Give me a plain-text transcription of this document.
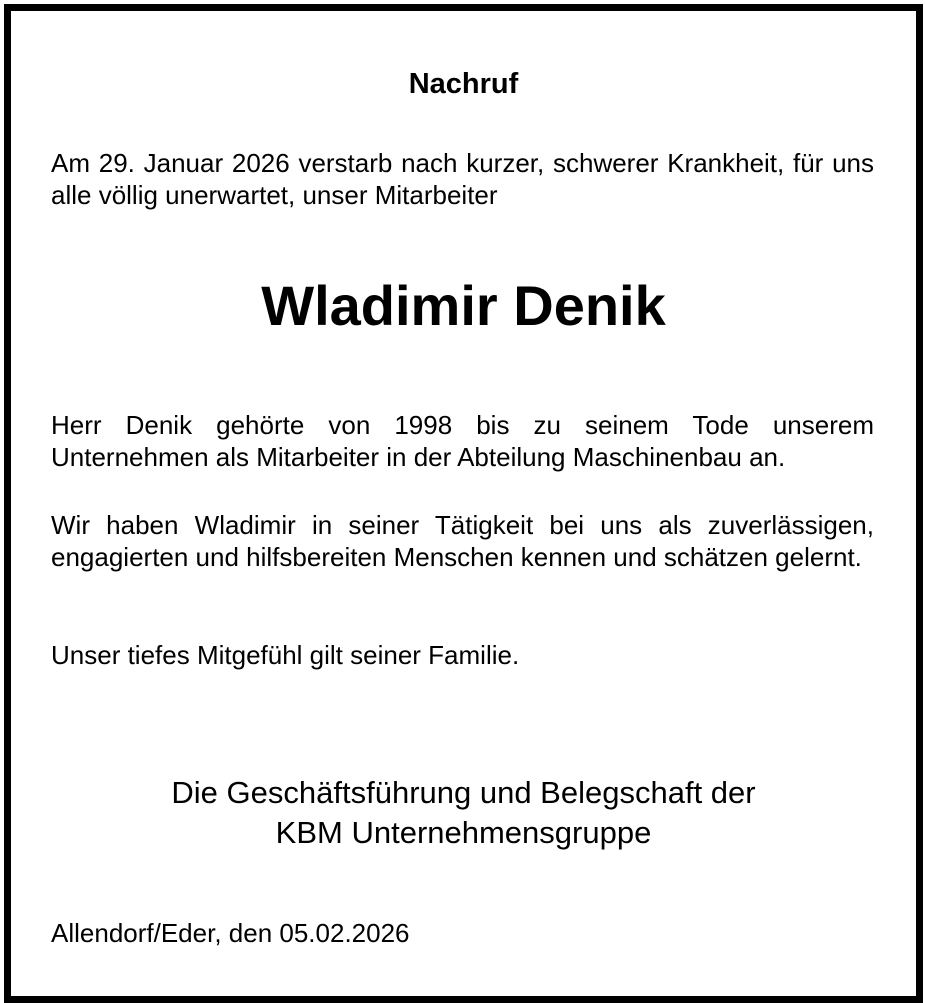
Nachruf

Am 29. Januar 2026 verstarb nach kurzer, schwerer Krankheit, für uns alle völlig unerwartet, unser Mitarbeiter

Wladimir Denik

Herr Denik gehörte von 1998 bis zu seinem Tode unserem Unternehmen als Mitarbeiter in der Abteilung Maschinenbau an.

Wir haben Wladimir in seiner Tätigkeit bei uns als zuverlässigen, engagierten und hilfsbereiten Menschen kennen und schätzen gelernt.

Unser tiefes Mitgefühl gilt seiner Familie.

Die Geschäftsführung und Belegschaft der
KBM Unternehmensgruppe
Allendorf/Eder, den 05.02.2026
